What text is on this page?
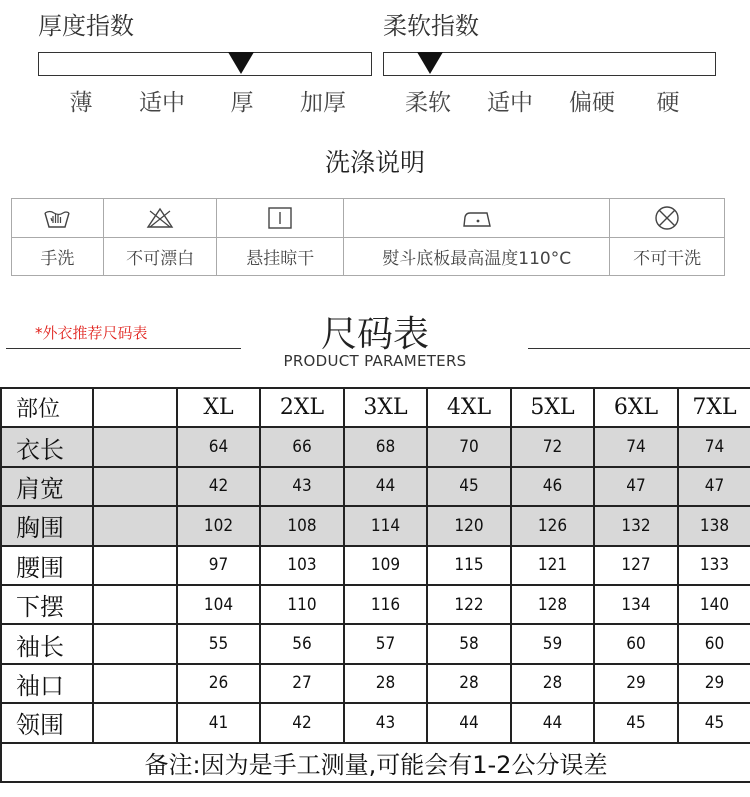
厚度指数
薄	适中	厚	加厚
柔软指数
柔软	适中	偏硬	硬
洗涤说明
手洗	不可漂白	悬挂晾干	熨斗底板最高温度110°C	不可干洗
*外衣推荐尺码表	尺码表
PRODUCT PARAMETERS
部位		XL	2XL	3XL	4XL	5XL	6XL	7XL
衣长		64	66	68	70	72	74	74
肩宽		42	43	44	45	46	47	47
胸围		102	108	114	120	126	132	138
腰围		97	103	109	115	121	127	133
下摆		104	110	116	122	128	134	140
袖长		55	56	57	58	59	60	60
袖口		26	27	28	28	28	29	29
领围		41	42	43	44	44	45	45
备注:因为是手工测量,可能会有1-2公分误差								
